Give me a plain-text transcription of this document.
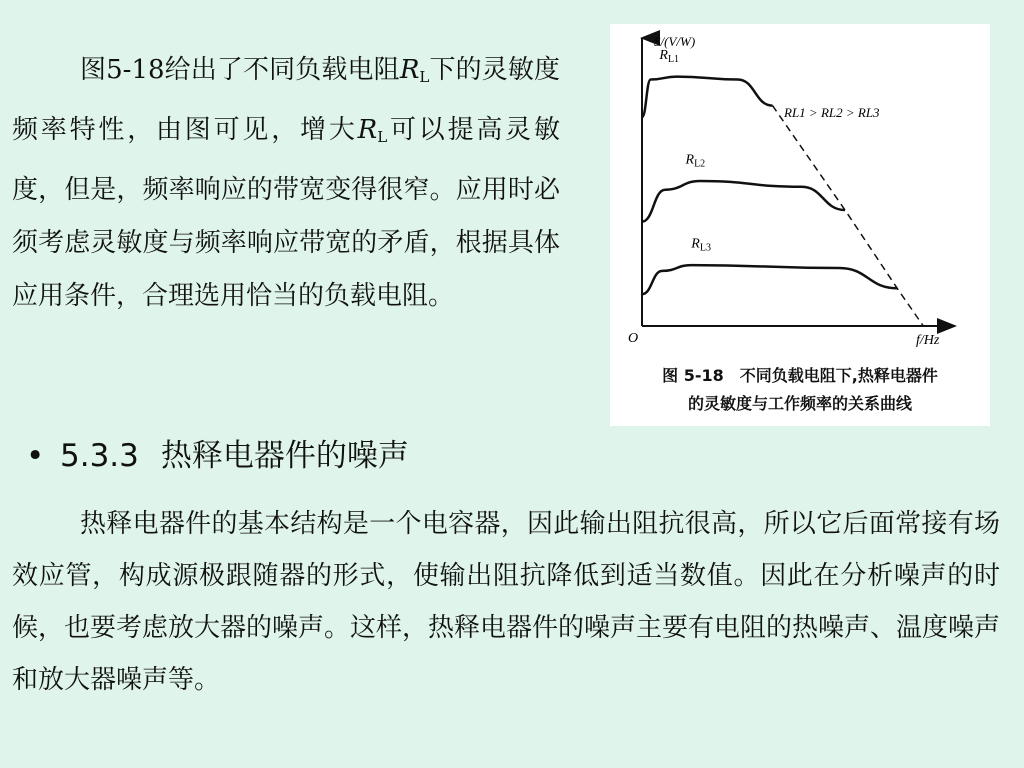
图5-18给出了不同负载电阻$R_L$下的灵敏度频率特性，由图可见，增大$R_L$可以提高灵敏度，但是，频率响应的带宽变得很窄。应用时必须考虑灵敏度与频率响应带宽的矛盾，根据具体应用条件，合理选用恰当的负载电阻。
$R_{L1}$
$R_{L2}$
$R_{L3}$
S/(V/W)
f/Hz
O
RL1 > RL2 > RL3
图 5-18　不同负载电阻下,热释电器件
的灵敏度与工作频率的关系曲线
• 5.3.3 热释电器件的噪声
热释电器件的基本结构是一个电容器，因此输出阻抗很高，所以它后面常接有场效应管，构成源极跟随器的形式，使输出阻抗降低到适当数值。因此在分析噪声的时候，也要考虑放大器的噪声。这样，热释电器件的噪声主要有电阻的热噪声、温度噪声和放大器噪声等。
